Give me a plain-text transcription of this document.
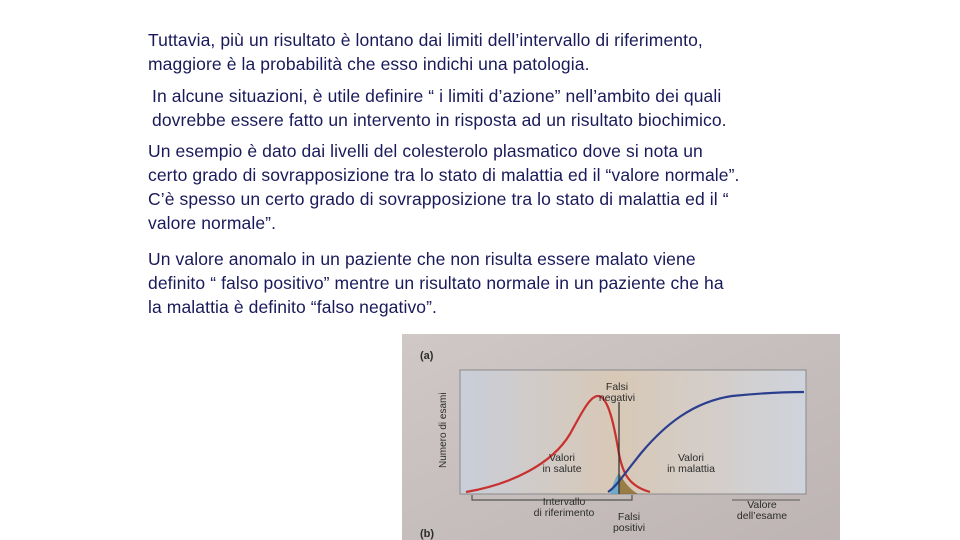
Tuttavia, più un risultato è lontano dai limiti dell’intervallo di riferimento,
maggiore è la probabilità che esso indichi una patologia.

In alcune situazioni, è utile definire “ i limiti d’azione” nell’ambito dei quali
dovrebbe essere fatto un intervento in risposta ad un risultato biochimico.

Un esempio è dato dai livelli del colesterolo plasmatico dove si nota un
certo grado di sovrapposizione tra lo stato di malattia ed il “valore normale”.
C’è spesso un certo grado di sovrapposizione tra lo stato di malattia ed il “
valore normale”.

Un valore anomalo in un paziente che non risulta essere malato viene
definito “ falso positivo” mentre un risultato normale in un paziente che ha
la malattia è definito “falso negativo”.

(a)
(b)
Numero di esami
Falsi
negativi
Valori
in salute
Valori
in malattia
Intervallo
di riferimento Falsi
positivi
Valore
dell’esame
